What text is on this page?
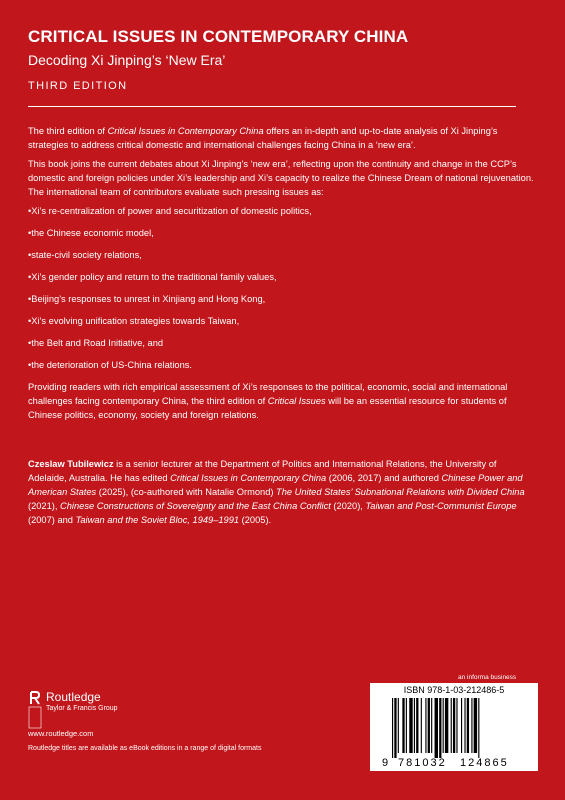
CRITICAL ISSUES IN CONTEMPORARY CHINA
Decoding Xi Jinping’s ‘New Era’
THIRD EDITION

The third edition of Critical Issues in Contemporary China offers an in-depth and up-to-date analysis of Xi Jinping’s strategies to address critical domestic and international challenges facing China in a ‘new era’.

This book joins the current debates about Xi Jinping’s ‘new era’, reflecting upon the continuity and change in the CCP’s domestic and foreign policies under Xi’s leadership and Xi’s capacity to realize the Chinese Dream of national rejuvenation. The international team of contributors evaluate such pressing issues as:

•Xi’s re-centralization of power and securitization of domestic politics,
•the Chinese economic model,
•state-civil society relations,
•Xi’s gender policy and return to the traditional family values,
•Beijing’s responses to unrest in Xinjiang and Hong Kong,
•Xi’s evolving unification strategies towards Taiwan,
•the Belt and Road Initiative, and
•the deterioration of US-China relations.

Providing readers with rich empirical assessment of Xi’s responses to the political, economic, social and international challenges facing contemporary China, the third edition of Critical Issues will be an essential resource for students of Chinese politics, economy, society and foreign relations.

Czeslaw Tubilewicz is a senior lecturer at the Department of Politics and International Relations, the University of Adelaide, Australia. He has edited Critical Issues in Contemporary China (2006, 2017) and authored Chinese Power and American States (2025), (co-authored with Natalie Ormond) The United States’ Subnational Relations with Divided China (2021), Chinese Constructions of Sovereignty and the East China Conflict (2020), Taiwan and Post-Communist Europe (2007) and Taiwan and the Soviet Bloc, 1949–1991 (2005).

Routledge
Taylor & Francis Group
www.routledge.com
Routledge titles are available as eBook editions in a range of digital formats
an informa business
ISBN 978-1-03-212486-5
9 781032 124865
